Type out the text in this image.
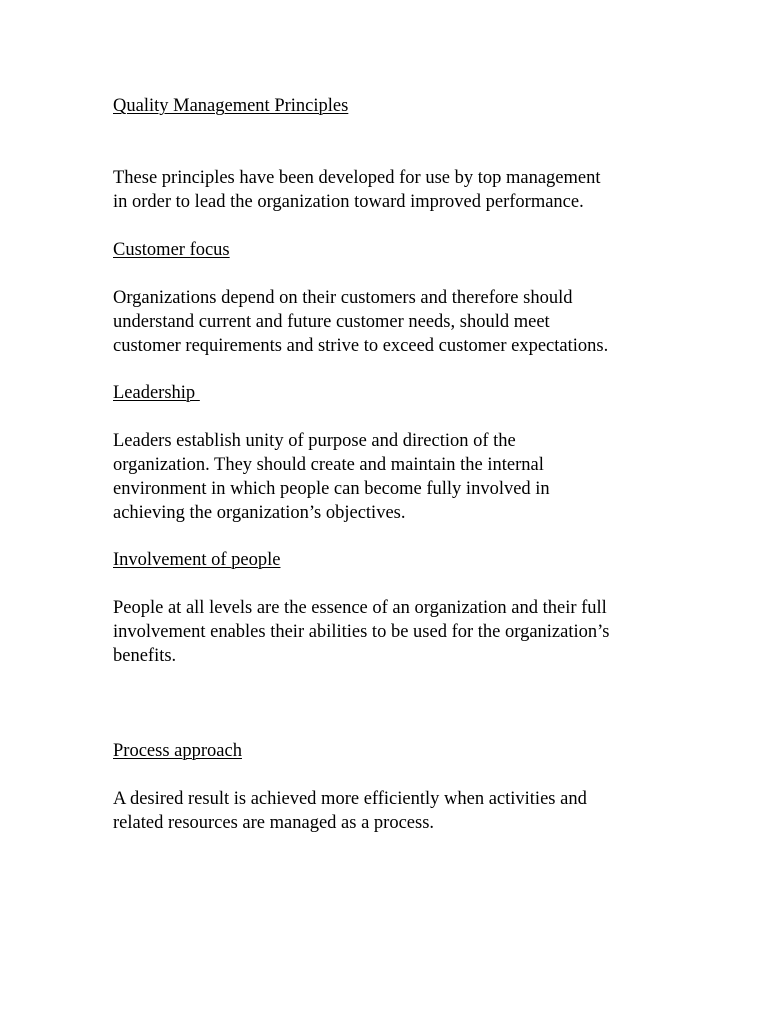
Quality Management Principles

These principles have been developed for use by top management
in order to lead the organization toward improved performance.

Customer focus

Organizations depend on their customers and therefore should
understand current and future customer needs, should meet
customer requirements and strive to exceed customer expectations.

Leadership

Leaders establish unity of purpose and direction of the
organization. They should create and maintain the internal
environment in which people can become fully involved in
achieving the organization’s objectives.

Involvement of people

People at all levels are the essence of an organization and their full
involvement enables their abilities to be used for the organization’s
benefits.

Process approach

A desired result is achieved more efficiently when activities and
related resources are managed as a process.
